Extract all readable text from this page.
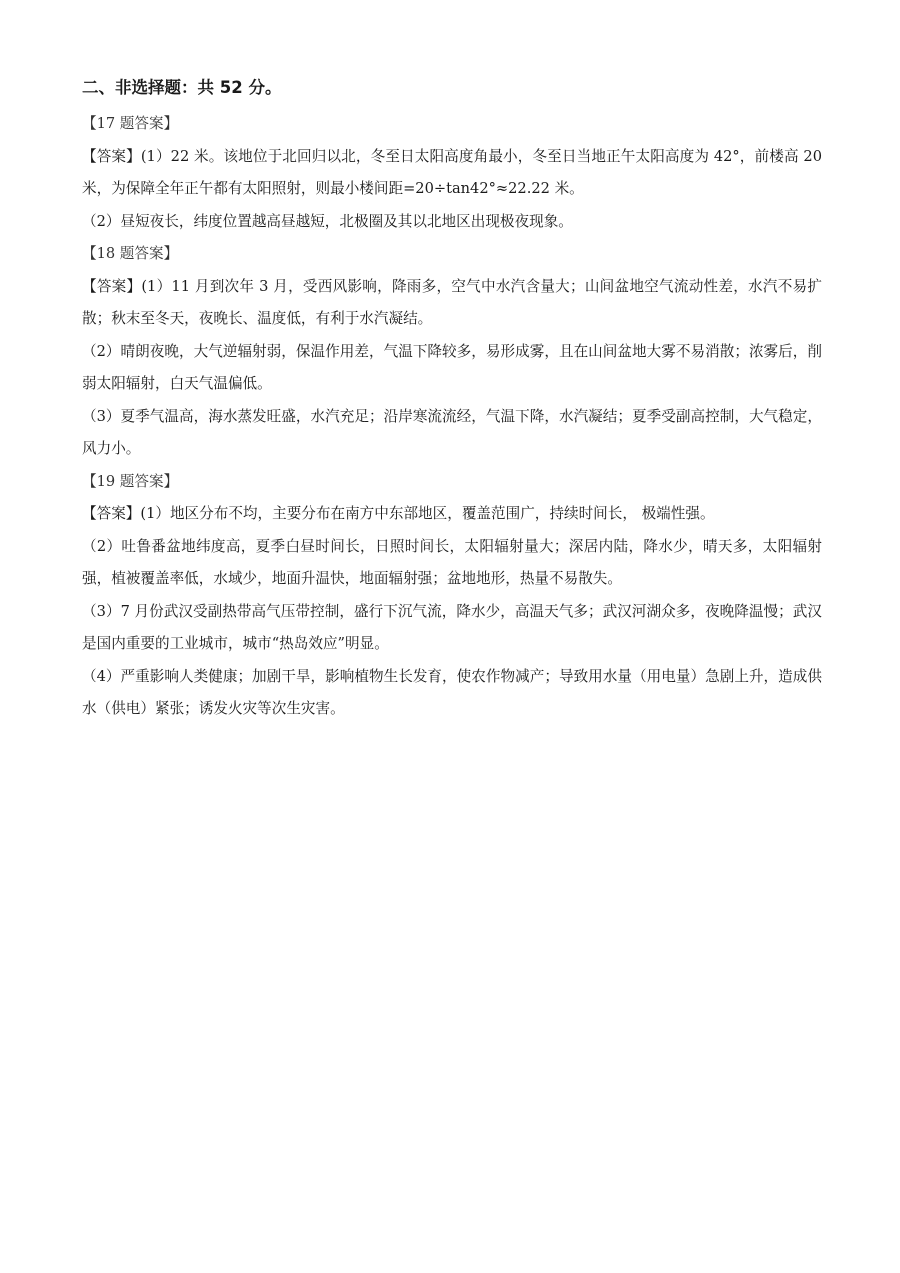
二、非选择题：共 52 分。
【17 题答案】
【答案】(1）22 米。该地位于北回归以北，冬至日太阳高度角最小，冬至日当地正午太阳高度为 42°，前楼高 20 米，为保障全年正午都有太阳照射，则最小楼间距=20÷tan42°≈22.22 米。
（2）昼短夜长，纬度位置越高昼越短，北极圈及其以北地区出现极夜现象。
【18 题答案】
【答案】(1）11 月到次年 3 月，受西风影响，降雨多，空气中水汽含量大；山间盆地空气流动性差，水汽不易扩散；秋末至冬天，夜晚长、温度低，有利于水汽凝结。
（2）晴朗夜晚，大气逆辐射弱，保温作用差，气温下降较多，易形成雾，且在山间盆地大雾不易消散；浓雾后，削弱太阳辐射，白天气温偏低。
（3）夏季气温高，海水蒸发旺盛，水汽充足；沿岸寒流流经，气温下降，水汽凝结；夏季受副高控制，大气稳定，风力小。
【19 题答案】
【答案】(1）地区分布不均，主要分布在南方中东部地区，覆盖范围广，持续时间长， 极端性强。
（2）吐鲁番盆地纬度高，夏季白昼时间长，日照时间长，太阳辐射量大；深居内陆，降水少，晴天多，太阳辐射强，植被覆盖率低，水域少，地面升温快，地面辐射强；盆地地形，热量不易散失。
（3）7 月份武汉受副热带高气压带控制，盛行下沉气流，降水少，高温天气多；武汉河湖众多，夜晚降温慢；武汉是国内重要的工业城市，城市“热岛效应”明显。
（4）严重影响人类健康；加剧干旱，影响植物生长发育，使农作物减产；导致用水量（用电量）急剧上升，造成供水（供电）紧张；诱发火灾等次生灾害。
